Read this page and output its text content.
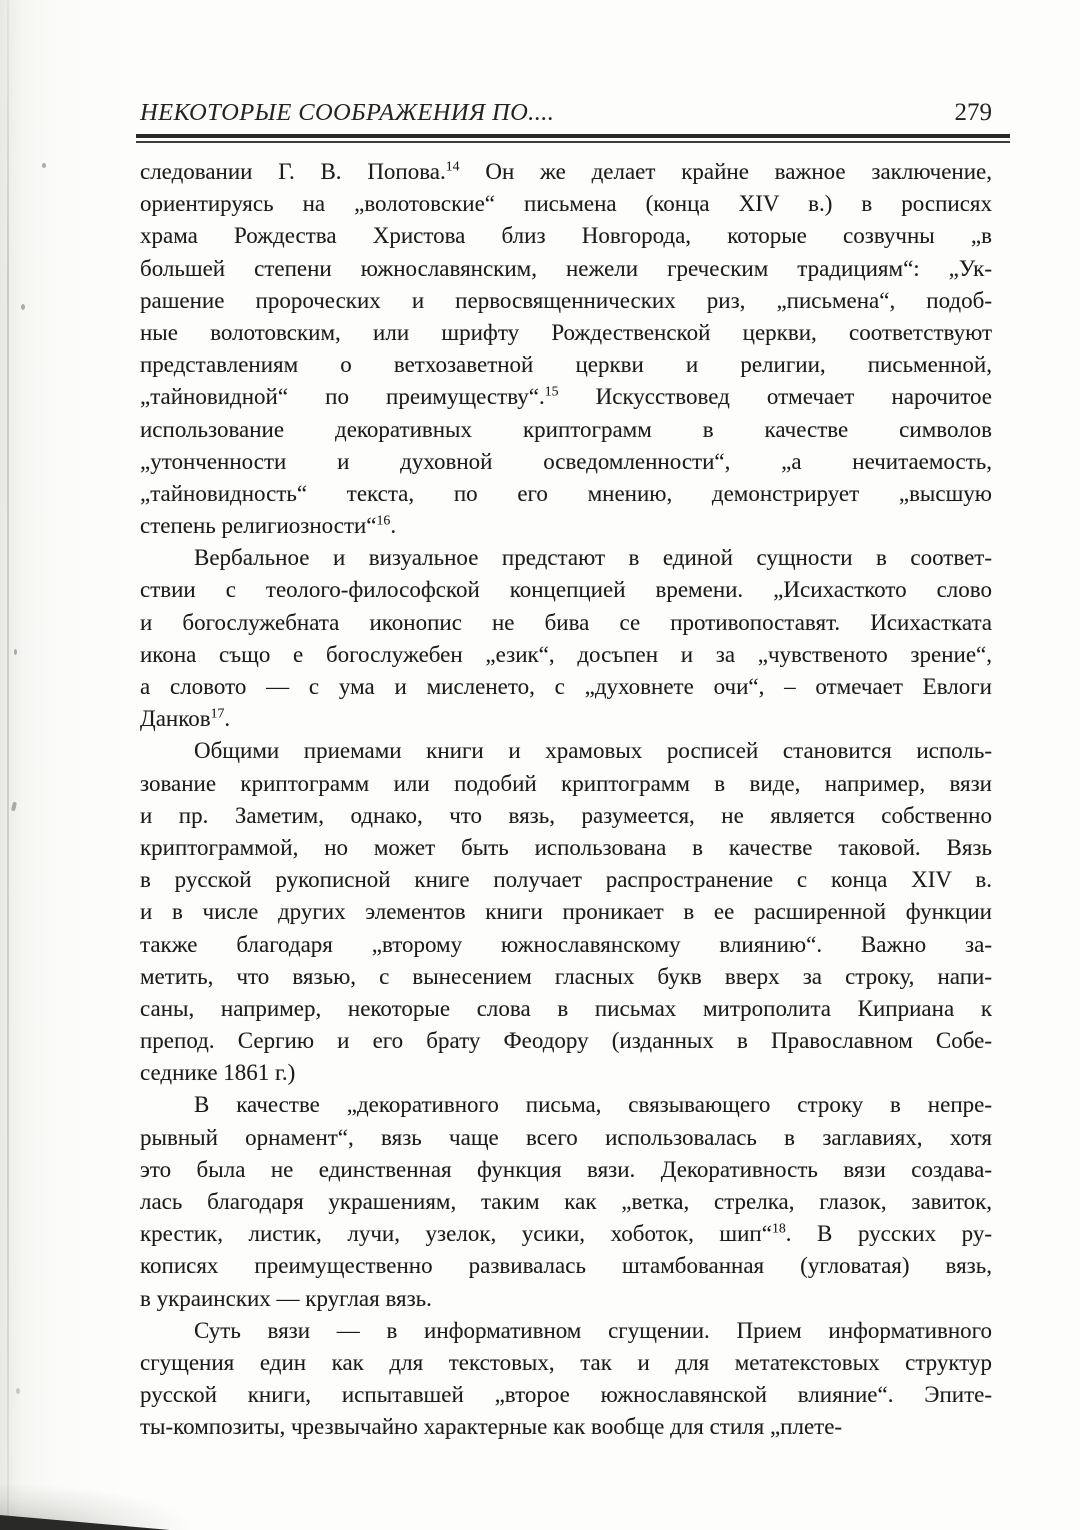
НЕКОТОРЫЕ СООБРАЖЕНИЯ ПО....	279
следовании Г. В. Попова.$^{14}$ Он же делает крайне важное заключение,
ориентируясь на „волотовские“ письмена (конца XIV в.) в росписях
храма Рождества Христова близ Новгорода, которые созвучны „в
большей степени южнославянским, нежели греческим традициям“: „Ук-
рашение пророческих и первосвященнических риз, „письмена“, подоб-
ные волотовским, или шрифту Рождественской церкви, соответствуют
представлениям о ветхозаветной церкви и религии, письменной,
„тайновидной“ по преимуществу“.$^{15}$ Искусствовед отмечает нарочитое
использование декоративных криптограмм в качестве символов
„утонченности и духовной осведомленности“, „а нечитаемость,
„тайновидность“ текста, по его мнению, демонстрирует „высшую
степень религиозности“$^{16}$.
Вербальное и визуальное предстают в единой сущности в соответ-
ствии с теолого-философской концепцией времени. „Исихасткото слово
и богослужебната иконопис не бива се противопоставят. Исихастката
икона също е богослужебен „език“, досъпен и за „чувственото зрение“,
а словото — с ума и мисленето, с „духовнете очи“, – отмечает Евлоги
Данков$^{17}$.
Общими приемами книги и храмовых росписей становится исполь-
зование криптограмм или подобий криптограмм в виде, например, вязи
и пр. Заметим, однако, что вязь, разумеется, не является собственно
криптограммой, но может быть использована в качестве таковой. Вязь
в русской рукописной книге получает распространение с конца XIV в.
и в числе других элементов книги проникает в ее расширенной функции
также благодаря „второму южнославянскому влиянию“. Важно за-
метить, что вязью, с вынесением гласных букв вверх за строку, напи-
саны, например, некоторые слова в письмах митрополита Киприана к
препод. Сергию и его брату Феодору (изданных в Православном Собе-
седнике 1861 г.)
В качестве „декоративного письма, связывающего строку в непре-
рывный орнамент“, вязь чаще всего использовалась в заглавиях, хотя
это была не единственная функция вязи. Декоративность вязи создава-
лась благодаря украшениям, таким как „ветка, стрелка, глазок, завиток,
крестик, листик, лучи, узелок, усики, хоботок, шип“$^{18}$. В русских ру-
кописях преимущественно развивалась штамбованная (угловатая) вязь,
в украинских — круглая вязь.
Суть вязи — в информативном сгущении. Прием информативного
сгущения един как для текстовых, так и для метатекстовых структур
русской книги, испытавшей „второе южнославянской влияние“. Эпите-
ты-композиты, чрезвычайно характерные как вообще для стиля „плете-
